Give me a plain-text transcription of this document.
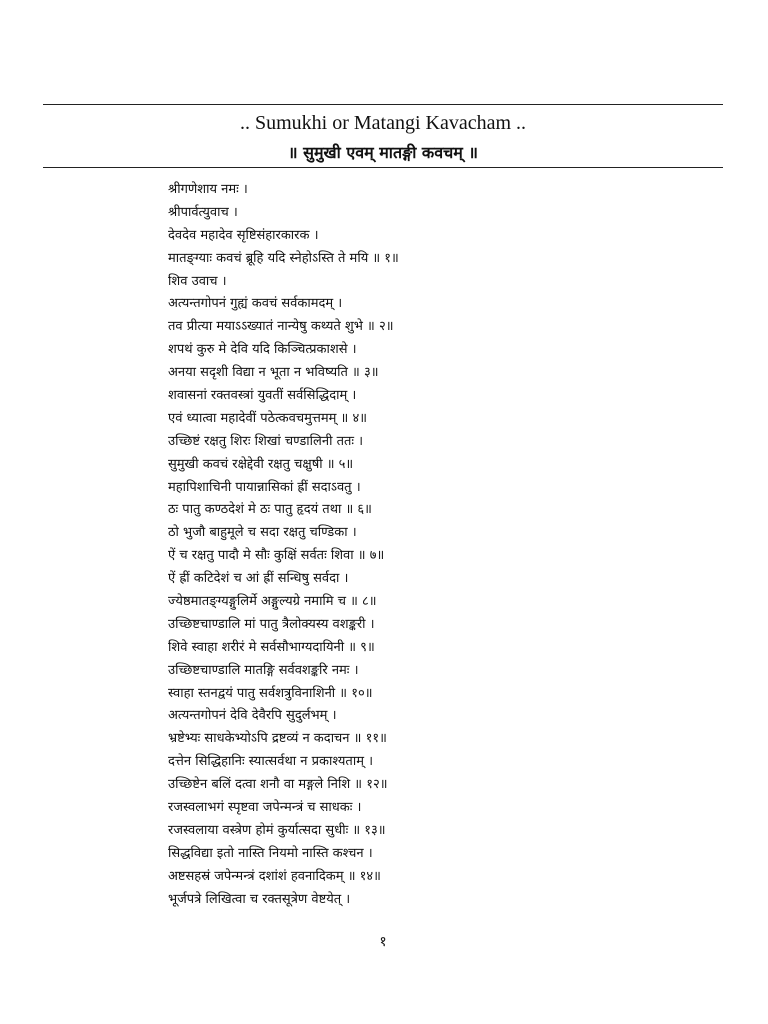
.. Sumukhi or Matangi Kavacham ..
॥ सुमुखी एवम् मातङ्गी कवचम् ॥
श्रीगणेशाय नमः ।
श्रीपार्वत्युवाच ।
देवदेव महादेव सृष्टिसंहारकारक ।
मातङ्ग्याः कवचं ब्रूहि यदि स्नेहोऽस्ति ते मयि ॥ १॥
शिव उवाच ।
अत्यन्तगोपनं गुह्यं कवचं सर्वकामदम् ।
तव प्रीत्या मयाऽऽख्यातं नान्येषु कथ्यते शुभे ॥ २॥
शपथं कुरु मे देवि यदि किञ्चित्प्रकाशसे ।
अनया सदृशी विद्या न भूता न भविष्यति ॥ ३॥
शवासनां रक्तवस्त्रां युवतीं सर्वसिद्धिदाम् ।
एवं ध्यात्वा महादेवीं पठेत्कवचमुत्तमम् ॥ ४॥
उच्छिष्टं रक्षतु शिरः शिखां चण्डालिनी ततः ।
सुमुखी कवचं रक्षेद्देवी रक्षतु चक्षुषी ॥ ५॥
महापिशाचिनी पायान्नासिकां ह्रीं सदाऽवतु ।
ठः पातु कण्ठदेशं मे ठः पातु हृदयं तथा ॥ ६॥
ठो भुजौ बाहुमूले च सदा रक्षतु चण्डिका ।
ऐं च रक्षतु पादौ मे सौः कुक्षिं सर्वतः शिवा ॥ ७॥
ऐं ह्रीं कटिदेशं च आं ह्रीं सन्धिषु सर्वदा ।
ज्येष्ठमातङ्ग्यङ्गुलिर्मे अङ्गुल्यग्रे नमामि च ॥ ८॥
उच्छिष्टचाण्डालि मां पातु त्रैलोक्यस्य वशङ्करी ।
शिवे स्वाहा शरीरं मे सर्वसौभाग्यदायिनी ॥ ९॥
उच्छिष्टचाण्डालि मातङ्गि सर्ववशङ्करि नमः ।
स्वाहा स्तनद्वयं पातु सर्वशत्रुविनाशिनी ॥ १०॥
अत्यन्तगोपनं देवि देवैरपि सुदुर्लभम् ।
भ्रष्टेभ्यः साधकेभ्योऽपि द्रष्टव्यं न कदाचन ॥ ११॥
दत्तेन सिद्धिहानिः स्यात्सर्वथा न प्रकाश्यताम् ।
उच्छिष्टेन बलिं दत्वा शनौ वा मङ्गले निशि ॥ १२॥
रजस्वलाभगं स्पृष्टवा जपेन्मन्त्रं च साधकः ।
रजस्वलाया वस्त्रेण होमं कुर्यात्सदा सुधीः ॥ १३॥
सिद्धविद्या इतो नास्ति नियमो नास्ति कश्चन ।
अष्टसहस्रं जपेन्मन्त्रं दशांशं हवनादिकम् ॥ १४॥
भूर्जपत्रे लिखित्वा च रक्तसूत्रेण वेष्टयेत् ।
१
